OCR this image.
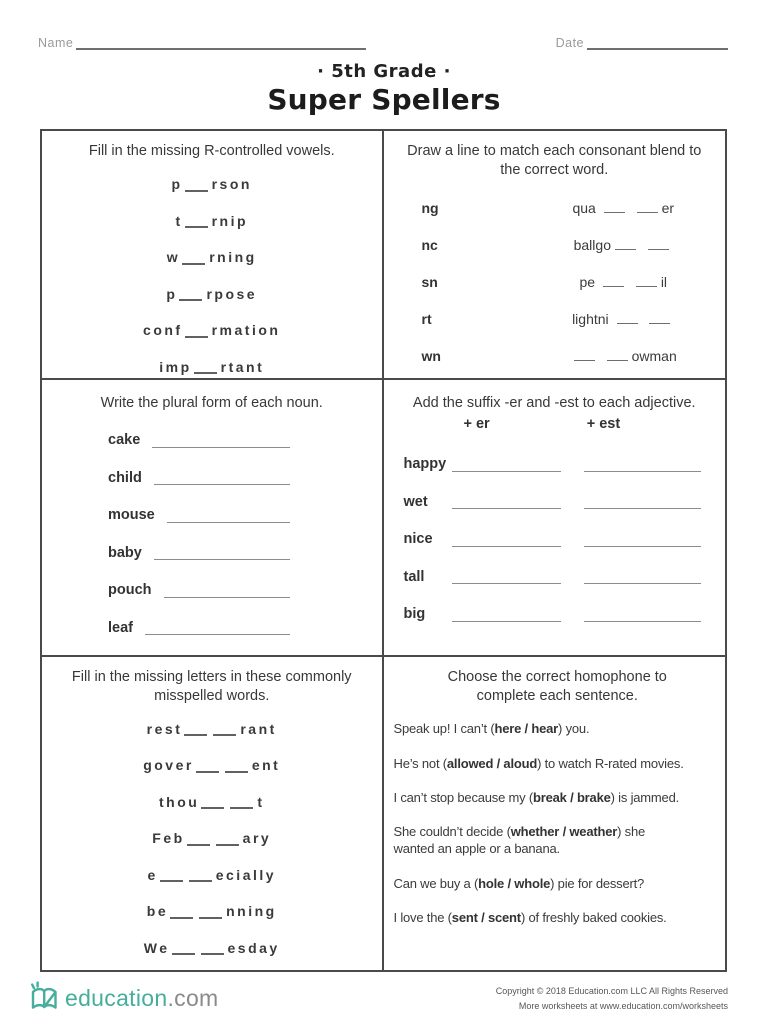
Name	Date
· 5th Grade ·
Super Spellers
Fill in the missing R-controlled vowels.
p rson
t rnip
w rning
p rpose
conf rmation
imp rtant
Draw a line to match each consonant blend to the correct word.
ng	qua	er
nc	ballgo
sn	pe	il
rt	lightni
wn	owman
Write the plural form of each noun.
cake
child
mouse
baby
pouch
leaf
Add the suffix -er and -est to each adjective.
+ er	+ est
happy
wet
nice
tall
big
Fill in the missing letters in these commonly misspelled words.
rest	rant
gover	ent
thou	t
Feb	ary
e	ecially
be	nning
We	esday
Choose the correct homophone to complete each sentence.

Speak up! I can’t (here / hear) you.

He’s not (allowed / aloud) to watch R-rated movies.

I can’t stop because my (break / brake) is jammed.

She couldn’t decide (whether / weather) she wanted an apple or a banana.

Can we buy a (hole / whole) pie for dessert?

I love the (sent / scent) of freshly baked cookies.

education .com	Copyright © 2018 Education.com LLC All Rights Reserved
More worksheets at www.education.com/worksheets
